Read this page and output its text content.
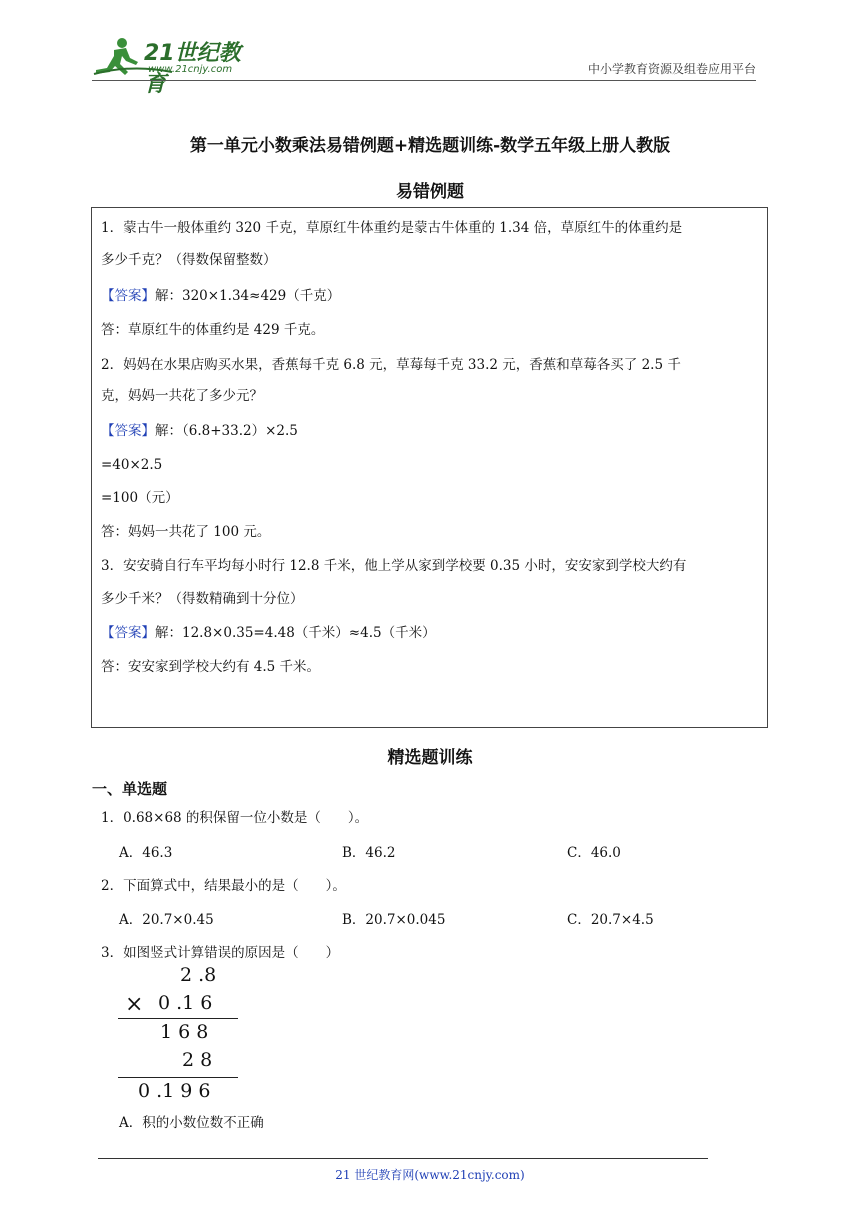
21世纪教育
www.21cnjy.com	中小学教育资源及组卷应用平台
第一单元小数乘法易错例题+精选题训练-数学五年级上册人教版
易错例题
1．蒙古牛一般体重约 320 千克，草原红牛体重约是蒙古牛体重的 1.34 倍，草原红牛的体重约是
多少千克？（得数保留整数）
【答案】解：320×1.34≈429（千克）
答：草原红牛的体重约是 429 千克。
2．妈妈在水果店购买水果，香蕉每千克 6.8 元，草莓每千克 33.2 元，香蕉和草莓各买了 2.5 千
克，妈妈一共花了多少元？
【答案】解：（6.8+33.2）×2.5
=40×2.5
=100（元）
答：妈妈一共花了 100 元。
3．安安骑自行车平均每小时行 12.8 千米，他上学从家到学校要 0.35 小时，安安家到学校大约有
多少千米？（得数精确到十分位）
【答案】解：12.8×0.35=4.48（千米）≈4.5（千米）
答：安安家到学校大约有 4.5 千米。
精选题训练
一、单选题
1．0.68×68 的积保留一位小数是（　　）。
A．46.3	B．46.2	C．46.0
2．下面算式中，结果最小的是（　　）。
A．20.7×0.45	B．20.7×0.045	C．20.7×4.5
3．如图竖式计算错误的原因是（　　）
2 .8
× 0 .1 6
1 6 8
2 8
0 .1 9 6
A．积的小数位数不正确
21 世纪教育网(www.21cnjy.com)
